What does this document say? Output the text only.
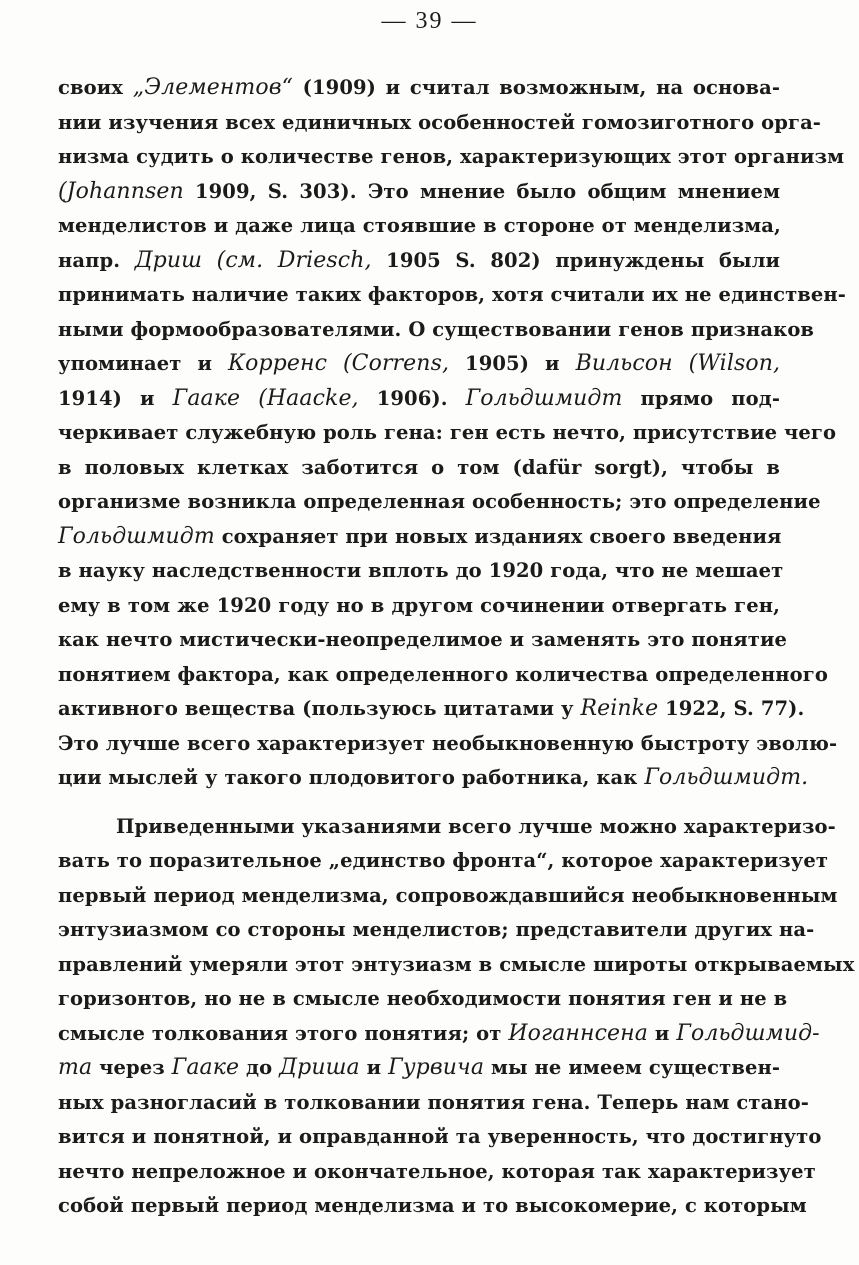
— 39 —
своих „Элементов“ (1909) и считал возможным, на основа-
нии изучения всех единичных особенностей гомозиготного орга-
низма судить о количестве генов, характеризующих этот организм
(Johannsen 1909, S. 303). Это мнение было общим мнением
менделистов и даже лица стоявшие в стороне от менделизма,
напр. Дриш (см. Driesch, 1905 S. 802) принуждены были
принимать наличие таких факторов, хотя считали их не единствен-
ными формообразователями. О существовании генов признаков
упоминает и Корренс (Correns, 1905) и Вильсон (Wilson,
1914) и Гааке (Haacke, 1906). Гольдшмидт прямо под-
черкивает служебную роль гена: ген есть нечто, присутствие чего
в половых клетках заботится о том (dafür sorgt), чтобы в
организме возникла определенная особенность; это определение
Гольдшмидт сохраняет при новых изданиях своего введения
в науку наследственности вплоть до 1920 года, что не мешает
ему в том же 1920 году но в другом сочинении отвергать ген,
как нечто мистически-неопределимое и заменять это понятие
понятием фактора, как определенного количества определенного
активного вещества (пользуюсь цитатами у Reinke 1922, S. 77).
Это лучше всего характеризует необыкновенную быстроту эволю-
ции мыслей у такого плодовитого работника, как Гольдшмидт.
Приведенными указаниями всего лучше можно характеризо-
вать то поразительное „единство фронта“, которое характеризует
первый период менделизма, сопровождавшийся необыкновенным
энтузиазмом со стороны менделистов; представители других на-
правлений умеряли этот энтузиазм в смысле широты открываемых
горизонтов, но не в смысле необходимости понятия ген и не в
смысле толкования этого понятия; от Иоганнсена и Гольдшмид-
та через Гааке до Дриша и Гурвича мы не имеем существен-
ных разногласий в толковании понятия гена. Теперь нам стано-
вится и понятной, и оправданной та уверенность, что достигнуто
нечто непреложное и окончательное, которая так характеризует
собой первый период менделизма и то высокомерие, с которым
